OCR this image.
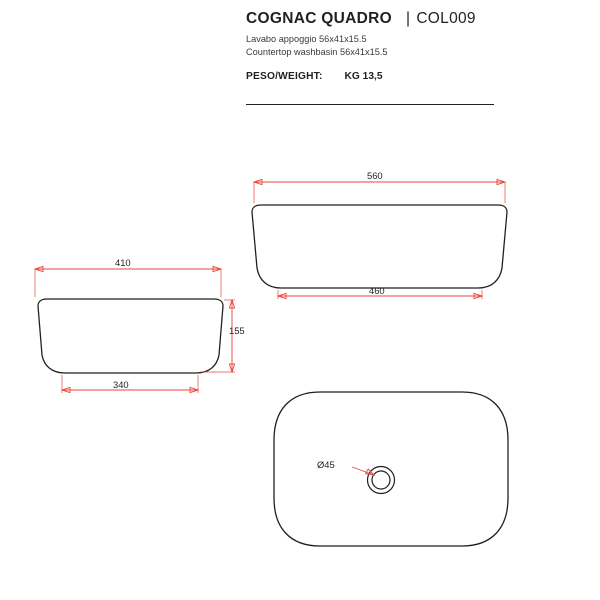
COGNAC QUADRO | COL009
Lavabo appoggio 56x41x15.5
Countertop washbasin 56x41x15.5
PESO/WEIGHT: KG 13,5
560
460
410
340
155
Ø45
